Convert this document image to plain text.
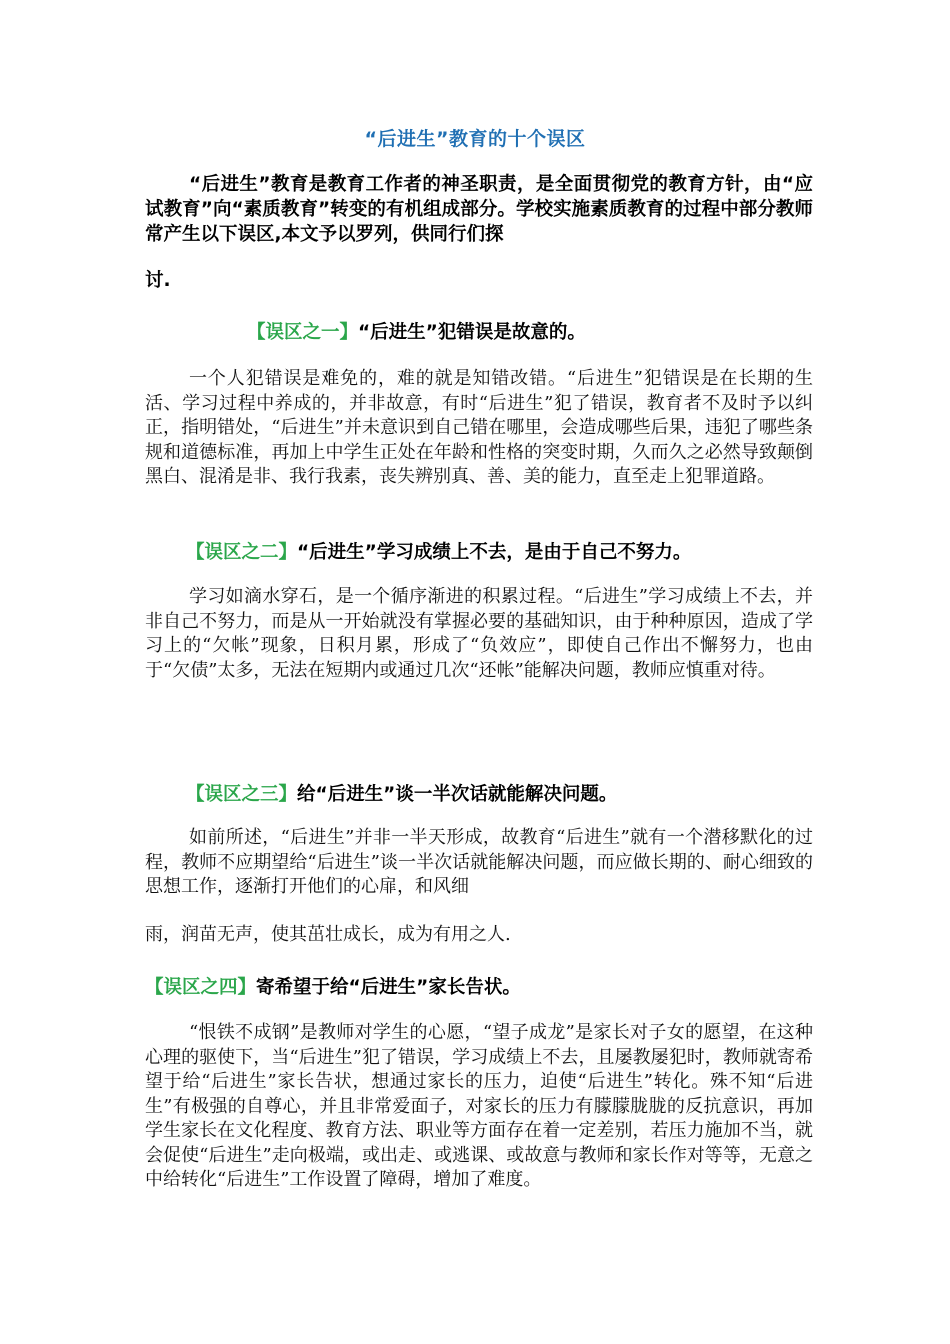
“后进生”教育的十个误区

“后进生”教育是教育工作者的神圣职责，是全面贯彻党的教育方针，由“应试教育”向“素质教育”转变的有机组成部分。学校实施素质教育的过程中部分教师常产生以下误区,本文予以罗列，供同行们探

讨.

【误区之一】“后进生”犯错误是故意的。

一个人犯错误是难免的，难的就是知错改错。“后进生”犯错误是在长期的生活、学习过程中养成的，并非故意，有时“后进生”犯了错误，教育者不及时予以纠正，指明错处，“后进生”并未意识到自己错在哪里，会造成哪些后果，违犯了哪些条规和道德标准，再加上中学生正处在年龄和性格的突变时期，久而久之必然导致颠倒黑白、混淆是非、我行我素，丧失辨别真、善、美的能力，直至走上犯罪道路。

【误区之二】“后进生”学习成绩上不去，是由于自己不努力。

学习如滴水穿石，是一个循序渐进的积累过程。“后进生”学习成绩上不去，并非自己不努力，而是从一开始就没有掌握必要的基础知识，由于种种原因，造成了学习上的“欠帐”现象，日积月累，形成了“负效应”，即使自己作出不懈努力，也由于“欠债”太多，无法在短期内或通过几次“还帐”能解决问题，教师应慎重对待。

【误区之三】给“后进生”谈一半次话就能解决问题。

如前所述，“后进生”并非一半天形成，故教育“后进生”就有一个潜移默化的过程，教师不应期望给“后进生”谈一半次话就能解决问题，而应做长期的、耐心细致的思想工作，逐渐打开他们的心扉，和风细

雨，润苗无声，使其茁壮成长，成为有用之人.

【误区之四】寄希望于给“后进生”家长告状。

“恨铁不成钢”是教师对学生的心愿，“望子成龙”是家长对子女的愿望，在这种心理的驱使下，当“后进生”犯了错误，学习成绩上不去，且屡教屡犯时，教师就寄希望于给“后进生”家长告状，想通过家长的压力，迫使“后进生”转化。殊不知“后进生”有极强的自尊心，并且非常爱面子，对家长的压力有朦朦胧胧的反抗意识，再加学生家长在文化程度、教育方法、职业等方面存在着一定差别，若压力施加不当，就会促使“后进生”走向极端，或出走、或逃课、或故意与教师和家长作对等等，无意之中给转化“后进生”工作设置了障碍，增加了难度。
